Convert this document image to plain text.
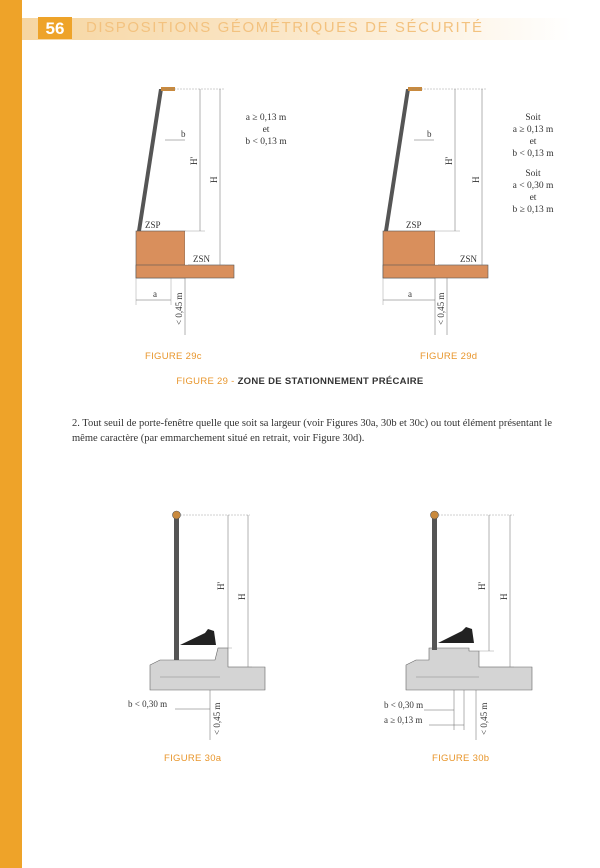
56	DISPOSITIONS GÉOMÉTRIQUES DE SÉCURITÉ
b
H'
H
ZSP
ZSN
a < 0,45 m
a ≥ 0,13 m
et
b < 0,13 m
b
H'
H
ZSP
ZSN
a	< 0,45 m
Soit
a ≥ 0,13 m
et
b < 0,13 m
Soit
a < 0,30 m
et
b ≥ 0,13 m
FIGURE 29c	FIGURE 29d
FIGURE 29 - ZONE DE STATIONNEMENT PRÉCAIRE
2. Tout seuil de porte-fenêtre quelle que soit sa largeur (voir Figures 30a, 30b et 30c) ou tout élément présentant le même caractère (par emmarchement situé en retrait, voir Figure 30d).
H'
H
b < 0,30 m	< 0,45 m
FIGURE 30a
H'
H
b < 0,30 m
a ≥ 0,13 m	< 0,45 m
FIGURE 30b
